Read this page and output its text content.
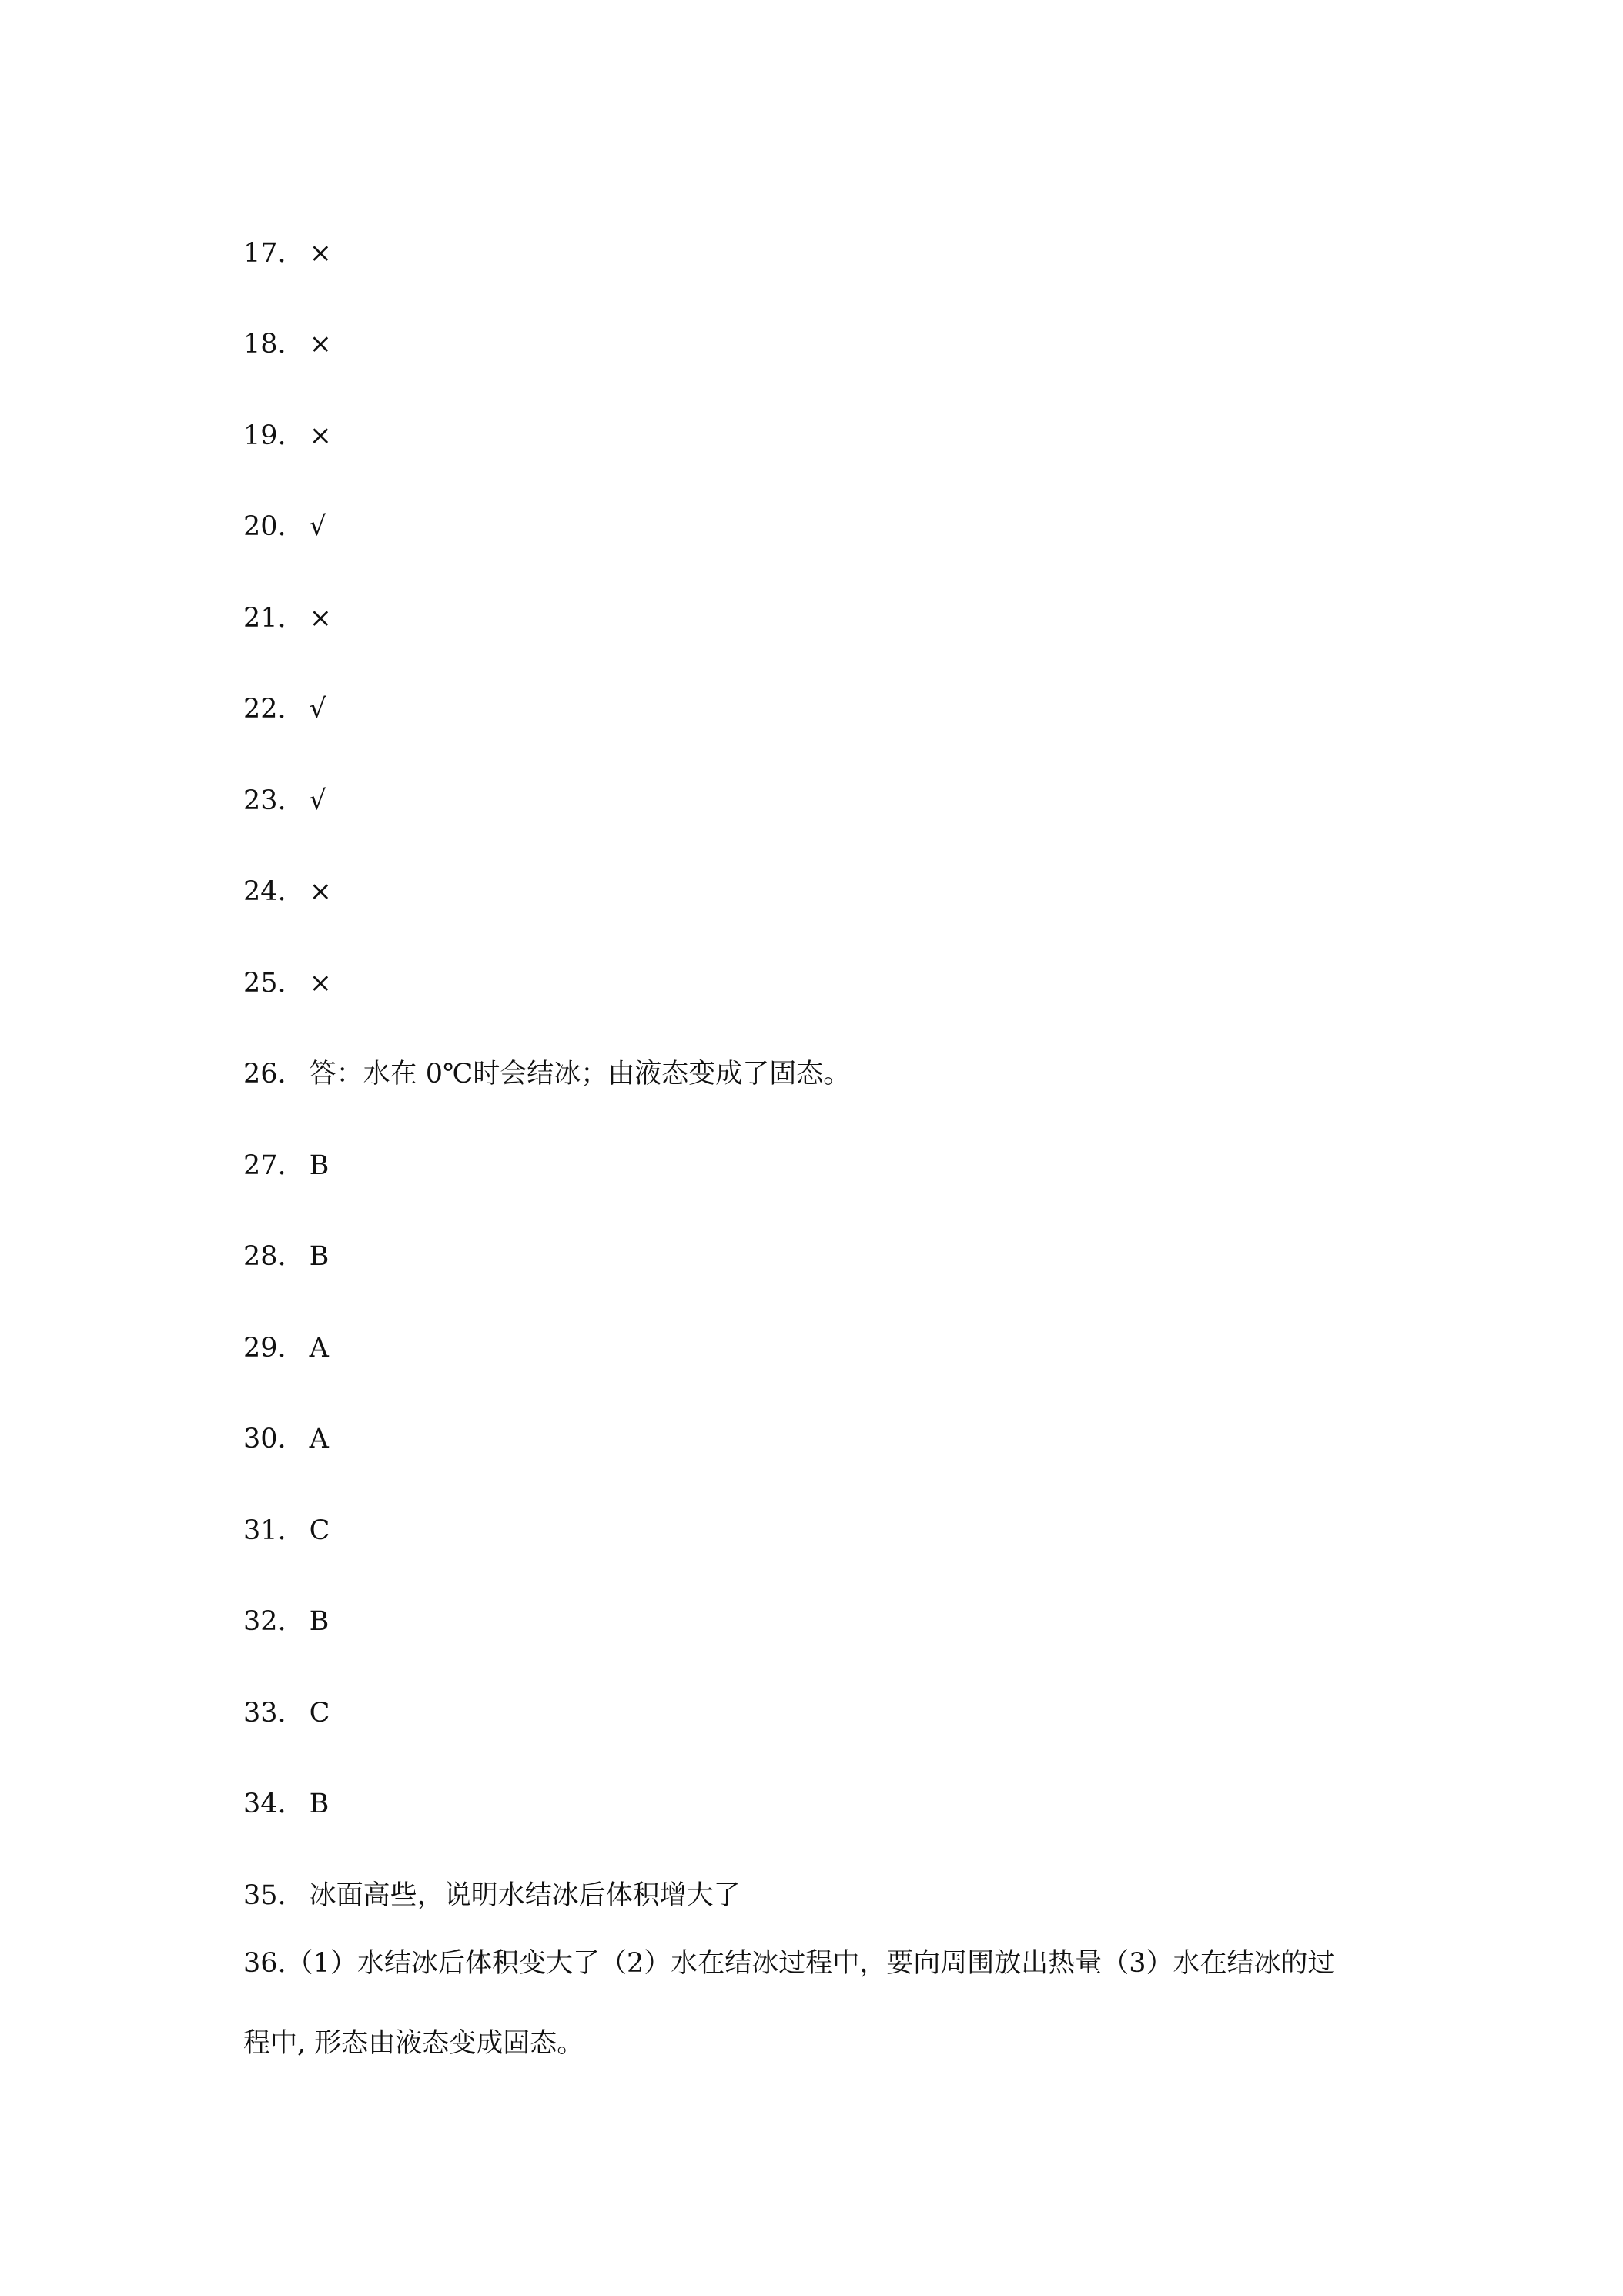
17. ×
18. ×
19. ×
20. √
21. ×
22. √
23. √
24. ×
25. ×
26. 答：水在 0℃时会结冰；由液态变成了固态。
27. B
28. B
29. A
30. A
31. C
32. B
33. C
34. B
35. 冰面高些，说明水结冰后体积增大了
36.（1）水结冰后体积变大了（2）水在结冰过程中，要向周围放出热量（3）水在结冰的过
程中, 形态由液态变成固态。
